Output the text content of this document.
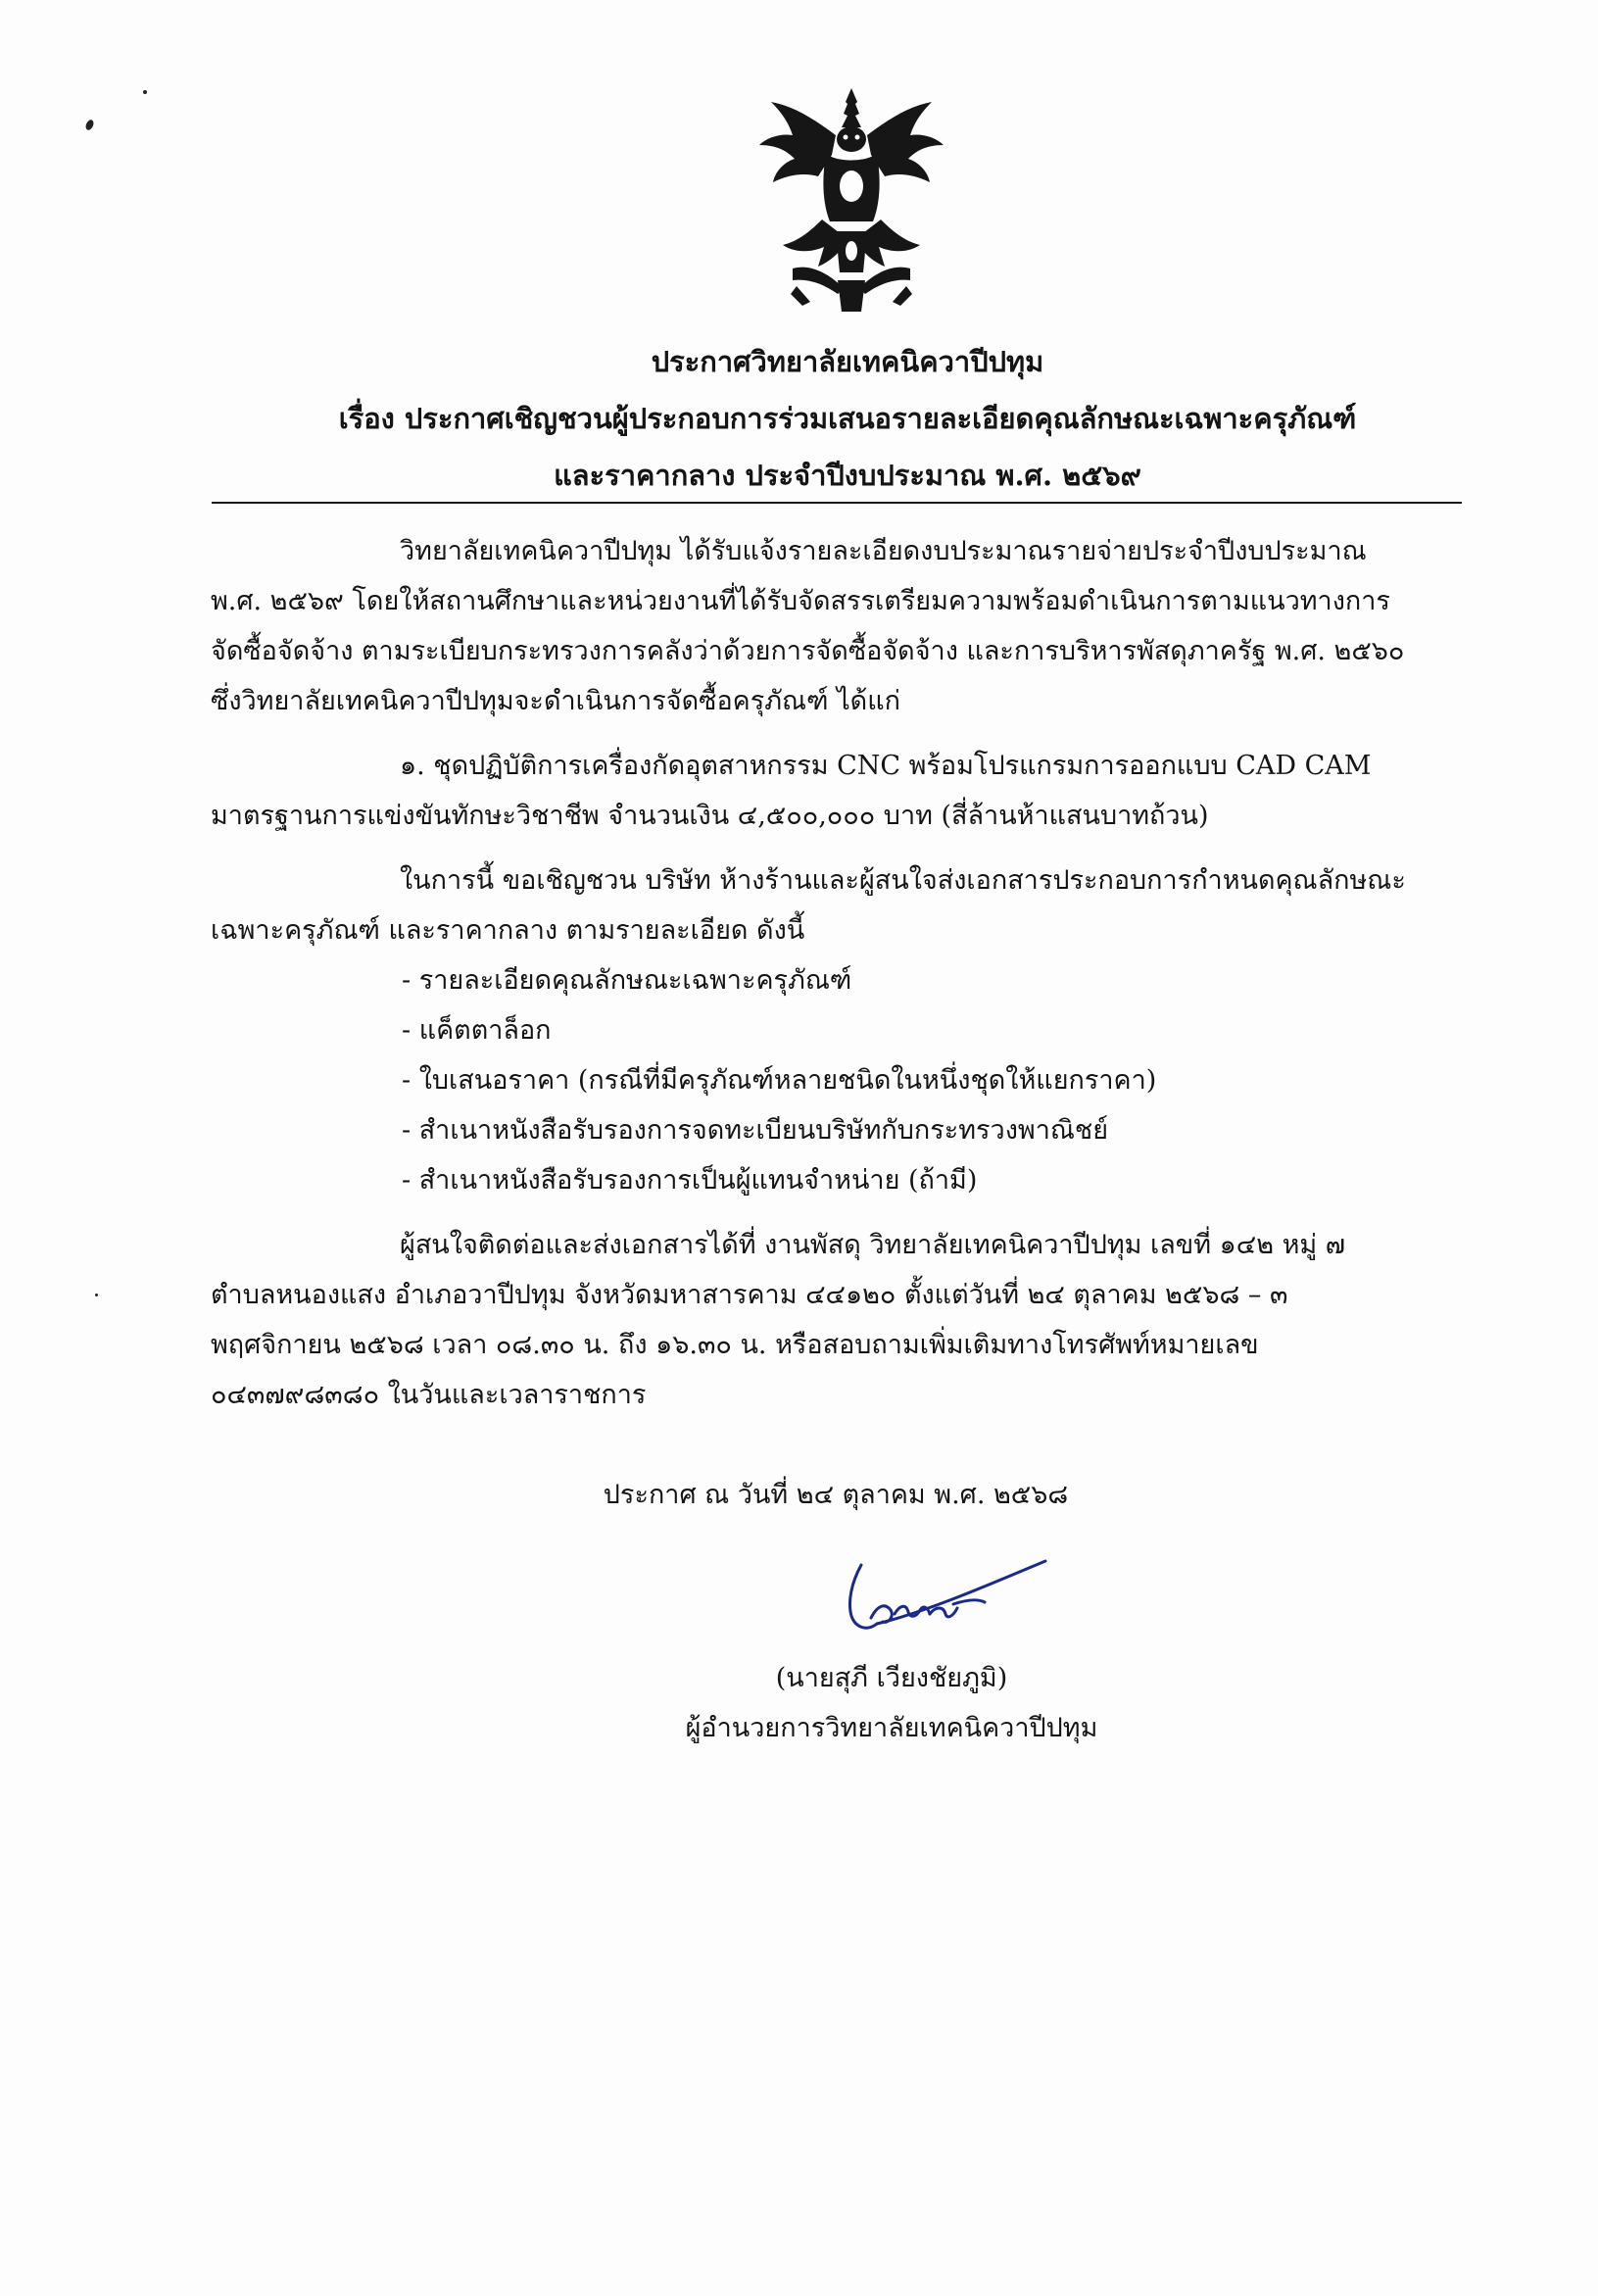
ประกาศวิทยาลัยเทคนิควาปีปทุม
เรื่อง ประกาศเชิญชวนผู้ประกอบการร่วมเสนอรายละเอียดคุณลักษณะเฉพาะครุภัณฑ์
และราคากลาง ประจำปีงบประมาณ พ.ศ. ๒๕๖๙
วิทยาลัยเทคนิควาปีปทุม ได้รับแจ้งรายละเอียดงบประมาณรายจ่ายประจำปีงบประมาณ
พ.ศ. ๒๕๖๙ โดยให้สถานศึกษาและหน่วยงานที่ได้รับจัดสรรเตรียมความพร้อมดำเนินการตามแนวทางการ
จัดซื้อจัดจ้าง ตามระเบียบกระทรวงการคลังว่าด้วยการจัดซื้อจัดจ้าง และการบริหารพัสดุภาครัฐ พ.ศ. ๒๕๖๐
ซึ่งวิทยาลัยเทคนิควาปีปทุมจะดำเนินการจัดซื้อครุภัณฑ์ ได้แก่
๑. ชุดปฏิบัติการเครื่องกัดอุตสาหกรรม CNC พร้อมโปรแกรมการออกแบบ CAD CAM
มาตรฐานการแข่งขันทักษะวิชาชีพ จำนวนเงิน ๔,๕๐๐,๐๐๐ บาท (สี่ล้านห้าแสนบาทถ้วน)
ในการนี้ ขอเชิญชวน บริษัท ห้างร้านและผู้สนใจส่งเอกสารประกอบการกำหนดคุณลักษณะ
เฉพาะครุภัณฑ์ และราคากลาง ตามรายละเอียด ดังนี้
- รายละเอียดคุณลักษณะเฉพาะครุภัณฑ์
- แค็ตตาล็อก
- ใบเสนอราคา (กรณีที่มีครุภัณฑ์หลายชนิดในหนึ่งชุดให้แยกราคา)
- สำเนาหนังสือรับรองการจดทะเบียนบริษัทกับกระทรวงพาณิชย์
- สำเนาหนังสือรับรองการเป็นผู้แทนจำหน่าย (ถ้ามี)
ผู้สนใจติดต่อและส่งเอกสารได้ที่ งานพัสดุ วิทยาลัยเทคนิควาปีปทุม เลขที่ ๑๔๒ หมู่ ๗
ตำบลหนองแสง อำเภอวาปีปทุม จังหวัดมหาสารคาม ๔๔๑๒๐ ตั้งแต่วันที่ ๒๔ ตุลาคม ๒๕๖๘ – ๓
พฤศจิกายน ๒๕๖๘ เวลา ๐๘.๓๐ น. ถึง ๑๖.๓๐ น. หรือสอบถามเพิ่มเติมทางโทรศัพท์หมายเลข
๐๔๓๗๙๘๓๘๐ ในวันและเวลาราชการ
ประกาศ ณ วันที่ ๒๔ ตุลาคม พ.ศ. ๒๕๖๘
(นายสุภี เวียงชัยภูมิ)
ผู้อำนวยการวิทยาลัยเทคนิควาปีปทุม
